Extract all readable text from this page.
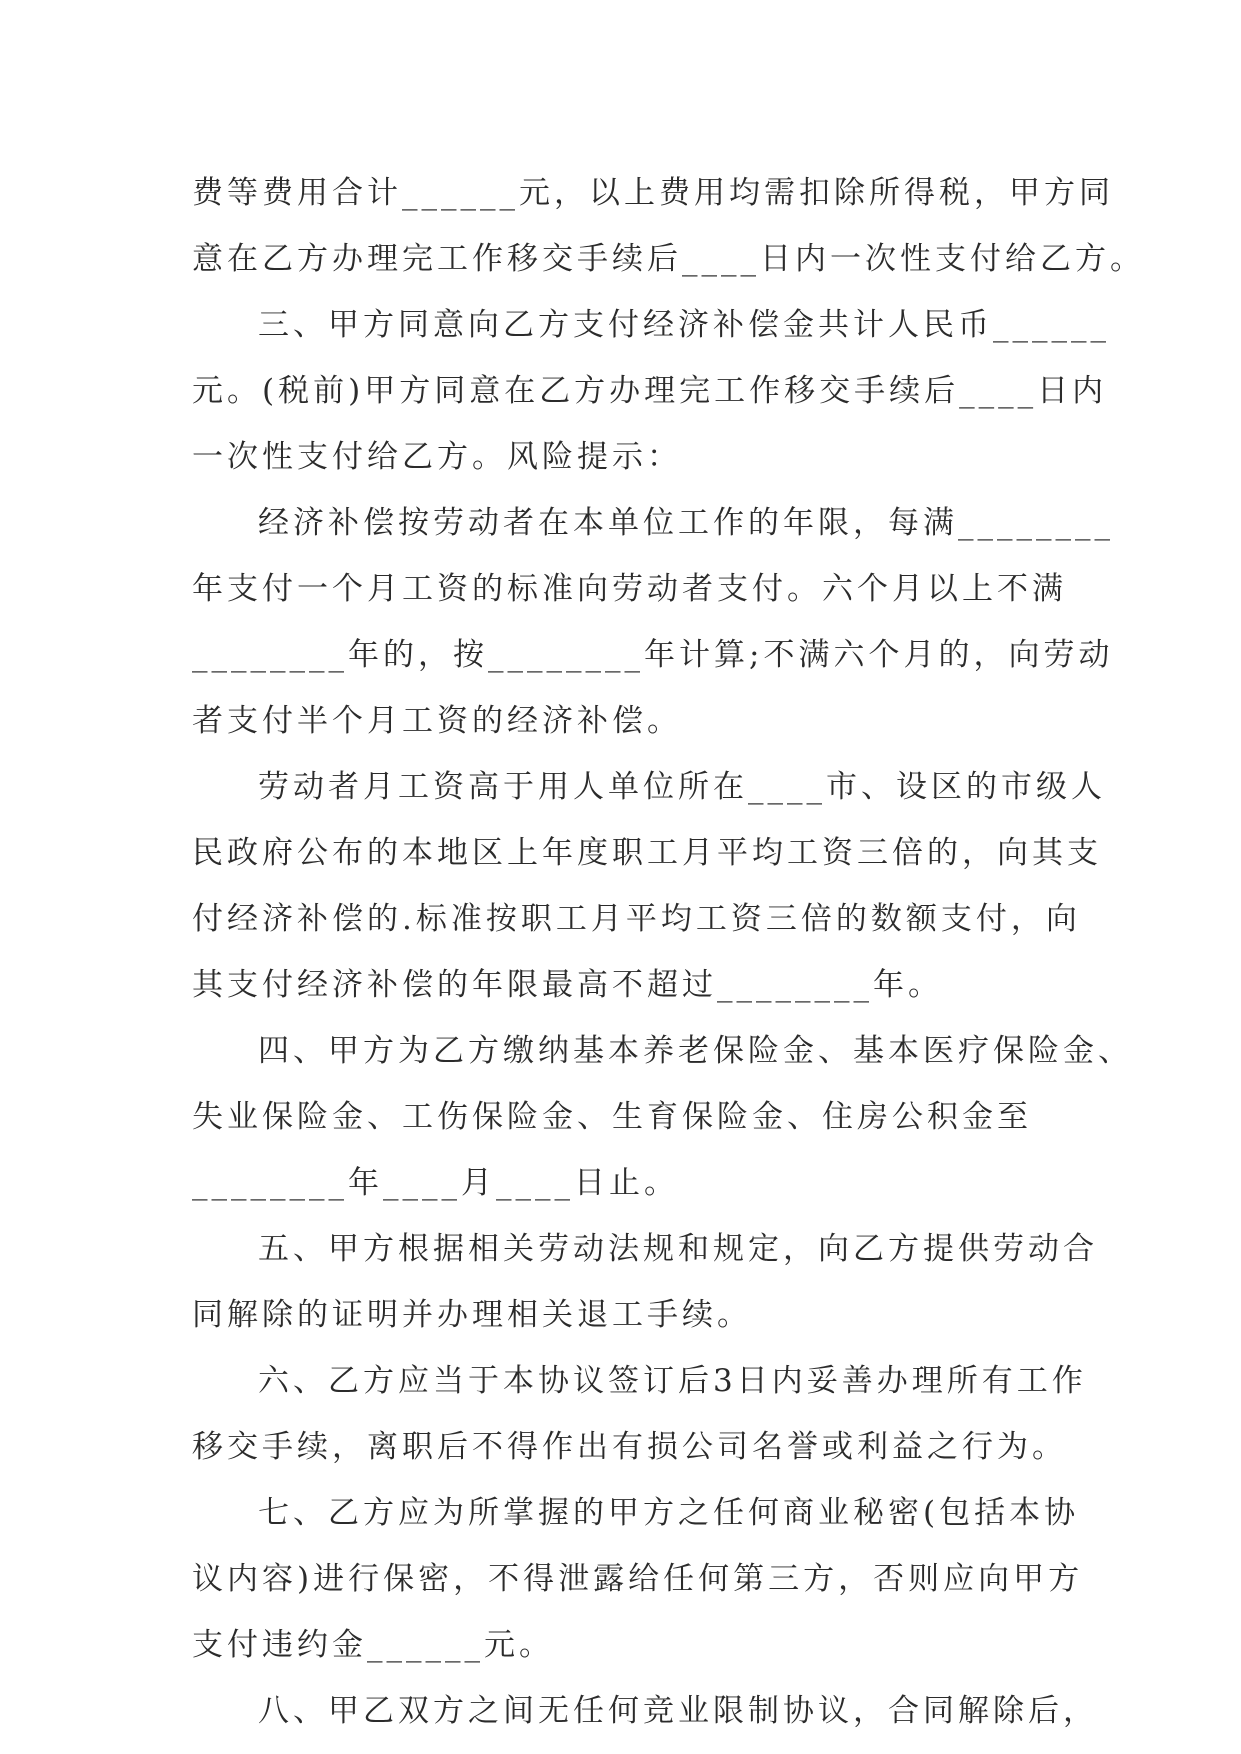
费等费用合计______元，以上费用均需扣除所得税，甲方同
意在乙方办理完工作移交手续后____日内一次性支付给乙方。
三、甲方同意向乙方支付经济补偿金共计人民币______
元。(税前)甲方同意在乙方办理完工作移交手续后____日内
一次性支付给乙方。风险提示：
经济补偿按劳动者在本单位工作的年限，每满________
年支付一个月工资的标准向劳动者支付。六个月以上不满
________年的，按________年计算;不满六个月的，向劳动
者支付半个月工资的经济补偿。
劳动者月工资高于用人单位所在____市、设区的市级人
民政府公布的本地区上年度职工月平均工资三倍的，向其支
付经济补偿的.标准按职工月平均工资三倍的数额支付，向
其支付经济补偿的年限最高不超过________年。
四、甲方为乙方缴纳基本养老保险金、基本医疗保险金、
失业保险金、工伤保险金、生育保险金、住房公积金至
________年____月____日止。
五、甲方根据相关劳动法规和规定，向乙方提供劳动合
同解除的证明并办理相关退工手续。
六、乙方应当于本协议签订后3日内妥善办理所有工作
移交手续，离职后不得作出有损公司名誉或利益之行为。
七、乙方应为所掌握的甲方之任何商业秘密(包括本协
议内容)进行保密，不得泄露给任何第三方，否则应向甲方
支付违约金______元。
八、甲乙双方之间无任何竞业限制协议，合同解除后，
